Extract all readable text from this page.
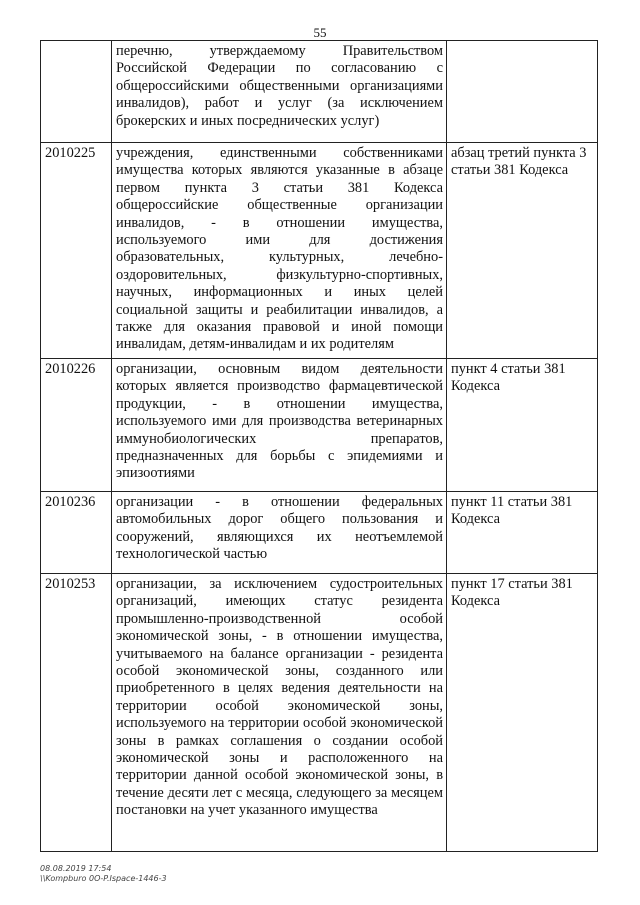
55
	перечню, утверждаемому Правительством Российской Федерации по согласованию с общероссийскими общественными организациями инвалидов), работ и услуг (за исключением брокерских и иных посреднических услуг)	
2010225	учреждения, единственными собственниками имущества которых являются указанные в абзаце первом пункта 3 статьи 381 Кодекса общероссийские общественные организации инвалидов, - в отношении имущества, используемого ими для достижения образовательных, культурных, лечебно-оздоровительных, физкультурно-спортивных, научных, информационных и иных целей социальной защиты и реабилитации инвалидов, а также для оказания правовой и иной помощи инвалидам, детям-инвалидам и их родителям	абзац третий пункта 3 статьи 381 Кодекса
2010226	организации, основным видом деятельности которых является производство фармацевтической продукции, - в отношении имущества, используемого ими для производства ветеринарных иммунобиологических препаратов, предназначенных для борьбы с эпидемиями и эпизоотиями	пункт 4 статьи 381 Кодекса
2010236	организации - в отношении федеральных автомобильных дорог общего пользования и сооружений, являющихся их неотъемлемой технологической частью	пункт 11 статьи 381 Кодекса
2010253	организации, за исключением судостроительных организаций, имеющих статус резидента промышленно-производственной особой экономической зоны, - в отношении имущества, учитываемого на балансе организации - резидента особой экономической зоны, созданного или приобретенного в целях ведения деятельности на территории особой экономической зоны, используемого на территории особой экономической зоны в рамках соглашения о создании особой экономической зоны и расположенного на территории данной особой экономической зоны, в течение десяти лет с месяца, следующего за месяцем постановки на учет указанного имущества	пункт 17 статьи 381 Кодекса
08.08.2019 17:54
\\Kompburo 0O-P.Ispace-1446-3
